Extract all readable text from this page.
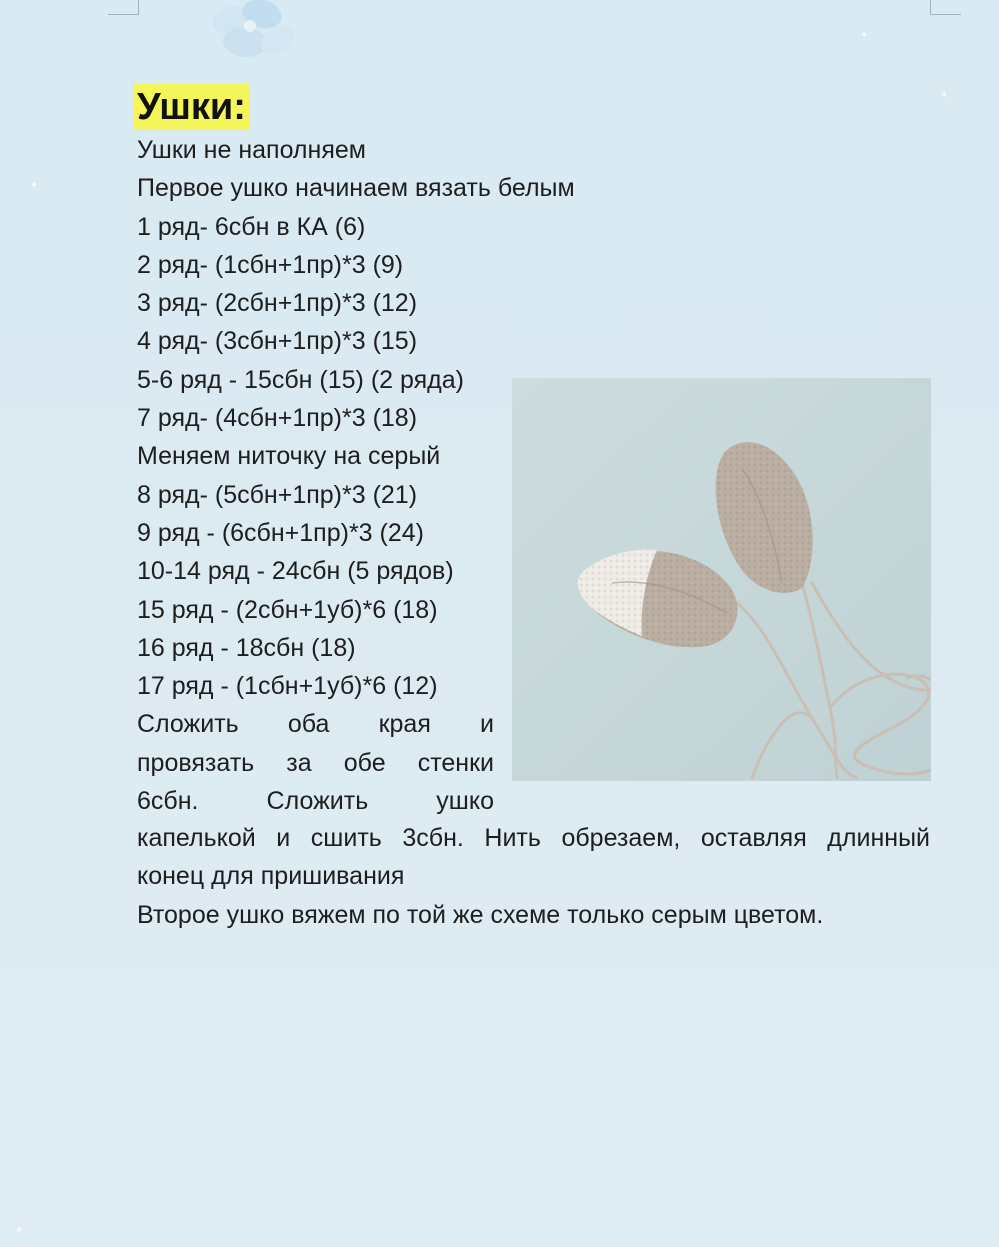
✦
✦
✦
✦
Ушки:
Ушки не наполняем
Первое ушко начинаем вязать белым
1 ряд- 6сбн в КА (6)
2 ряд- (1сбн+1пр)*3 (9)
3 ряд- (2сбн+1пр)*3 (12)
4 ряд- (3сбн+1пр)*3 (15)
5-6 ряд - 15сбн (15) (2 ряда)
7 ряд- (4сбн+1пр)*3 (18)
Меняем ниточку на серый
8 ряд- (5сбн+1пр)*3 (21)
9 ряд - (6сбн+1пр)*3 (24)
10-14 ряд - 24сбн (5 рядов)
15 ряд - (2сбн+1уб)*6 (18)
16 ряд - 18сбн (18)
17 ряд - (1сбн+1уб)*6 (12)
Сложить оба края и
провязать за обе стенки
6сбн. Сложить ушко
капелькой и сшить 3сбн. Нить обрезаем, оставляя длинный
конец для пришивания
Второе ушко вяжем по той же схеме только серым цветом.
